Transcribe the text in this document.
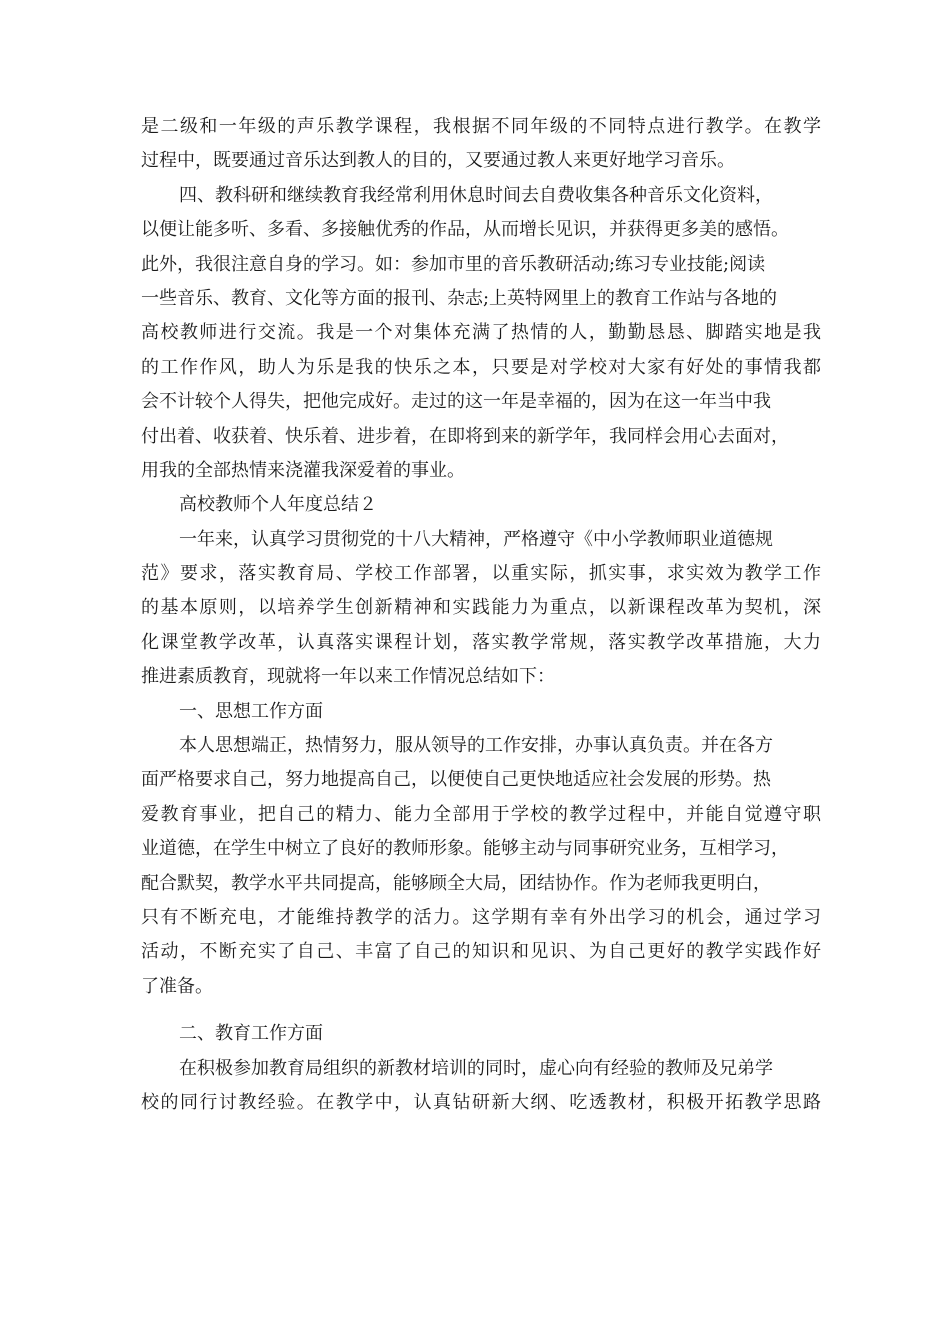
是二级和一年级的声乐教学课程，我根据不同年级的不同特点进行教学。在教学
过程中，既要通过音乐达到教人的目的，又要通过教人来更好地学习音乐。
四、教科研和继续教育我经常利用休息时间去自费收集各种音乐文化资料，
以便让能多听、多看、多接触优秀的作品，从而增长见识，并获得更多美的感悟。
此外，我很注意自身的学习。如：参加市里的音乐教研活动;练习专业技能;阅读
一些音乐、教育、文化等方面的报刊、杂志;上英特网里上的教育工作站与各地的
高校教师进行交流。我是一个对集体充满了热情的人，勤勤恳恳、脚踏实地是我
的工作作风，助人为乐是我的快乐之本，只要是对学校对大家有好处的事情我都
会不计较个人得失，把他完成好。走过的这一年是幸福的，因为在这一年当中我
付出着、收获着、快乐着、进步着，在即将到来的新学年，我同样会用心去面对，
用我的全部热情来浇灌我深爱着的事业。
高校教师个人年度总结２
一年来，认真学习贯彻党的十八大精神，严格遵守《中小学教师职业道德规
范》要求，落实教育局、学校工作部署，以重实际，抓实事，求实效为教学工作
的基本原则，以培养学生创新精神和实践能力为重点，以新课程改革为契机，深
化课堂教学改革，认真落实课程计划，落实教学常规，落实教学改革措施，大力
推进素质教育，现就将一年以来工作情况总结如下：
一、思想工作方面
本人思想端正，热情努力，服从领导的工作安排，办事认真负责。并在各方
面严格要求自己，努力地提高自己，以便使自己更快地适应社会发展的形势。热
爱教育事业，把自己的精力、能力全部用于学校的教学过程中，并能自觉遵守职
业道德，在学生中树立了良好的教师形象。能够主动与同事研究业务，互相学习，
配合默契，教学水平共同提高，能够顾全大局，团结协作。作为老师我更明白，
只有不断充电，才能维持教学的活力。这学期有幸有外出学习的机会，通过学习
活动，不断充实了自己、丰富了自己的知识和见识、为自己更好的教学实践作好
了准备。
二、教育工作方面
在积极参加教育局组织的新教材培训的同时，虚心向有经验的教师及兄弟学
校的同行讨教经验。在教学中，认真钻研新大纲、吃透教材，积极开拓教学思路
